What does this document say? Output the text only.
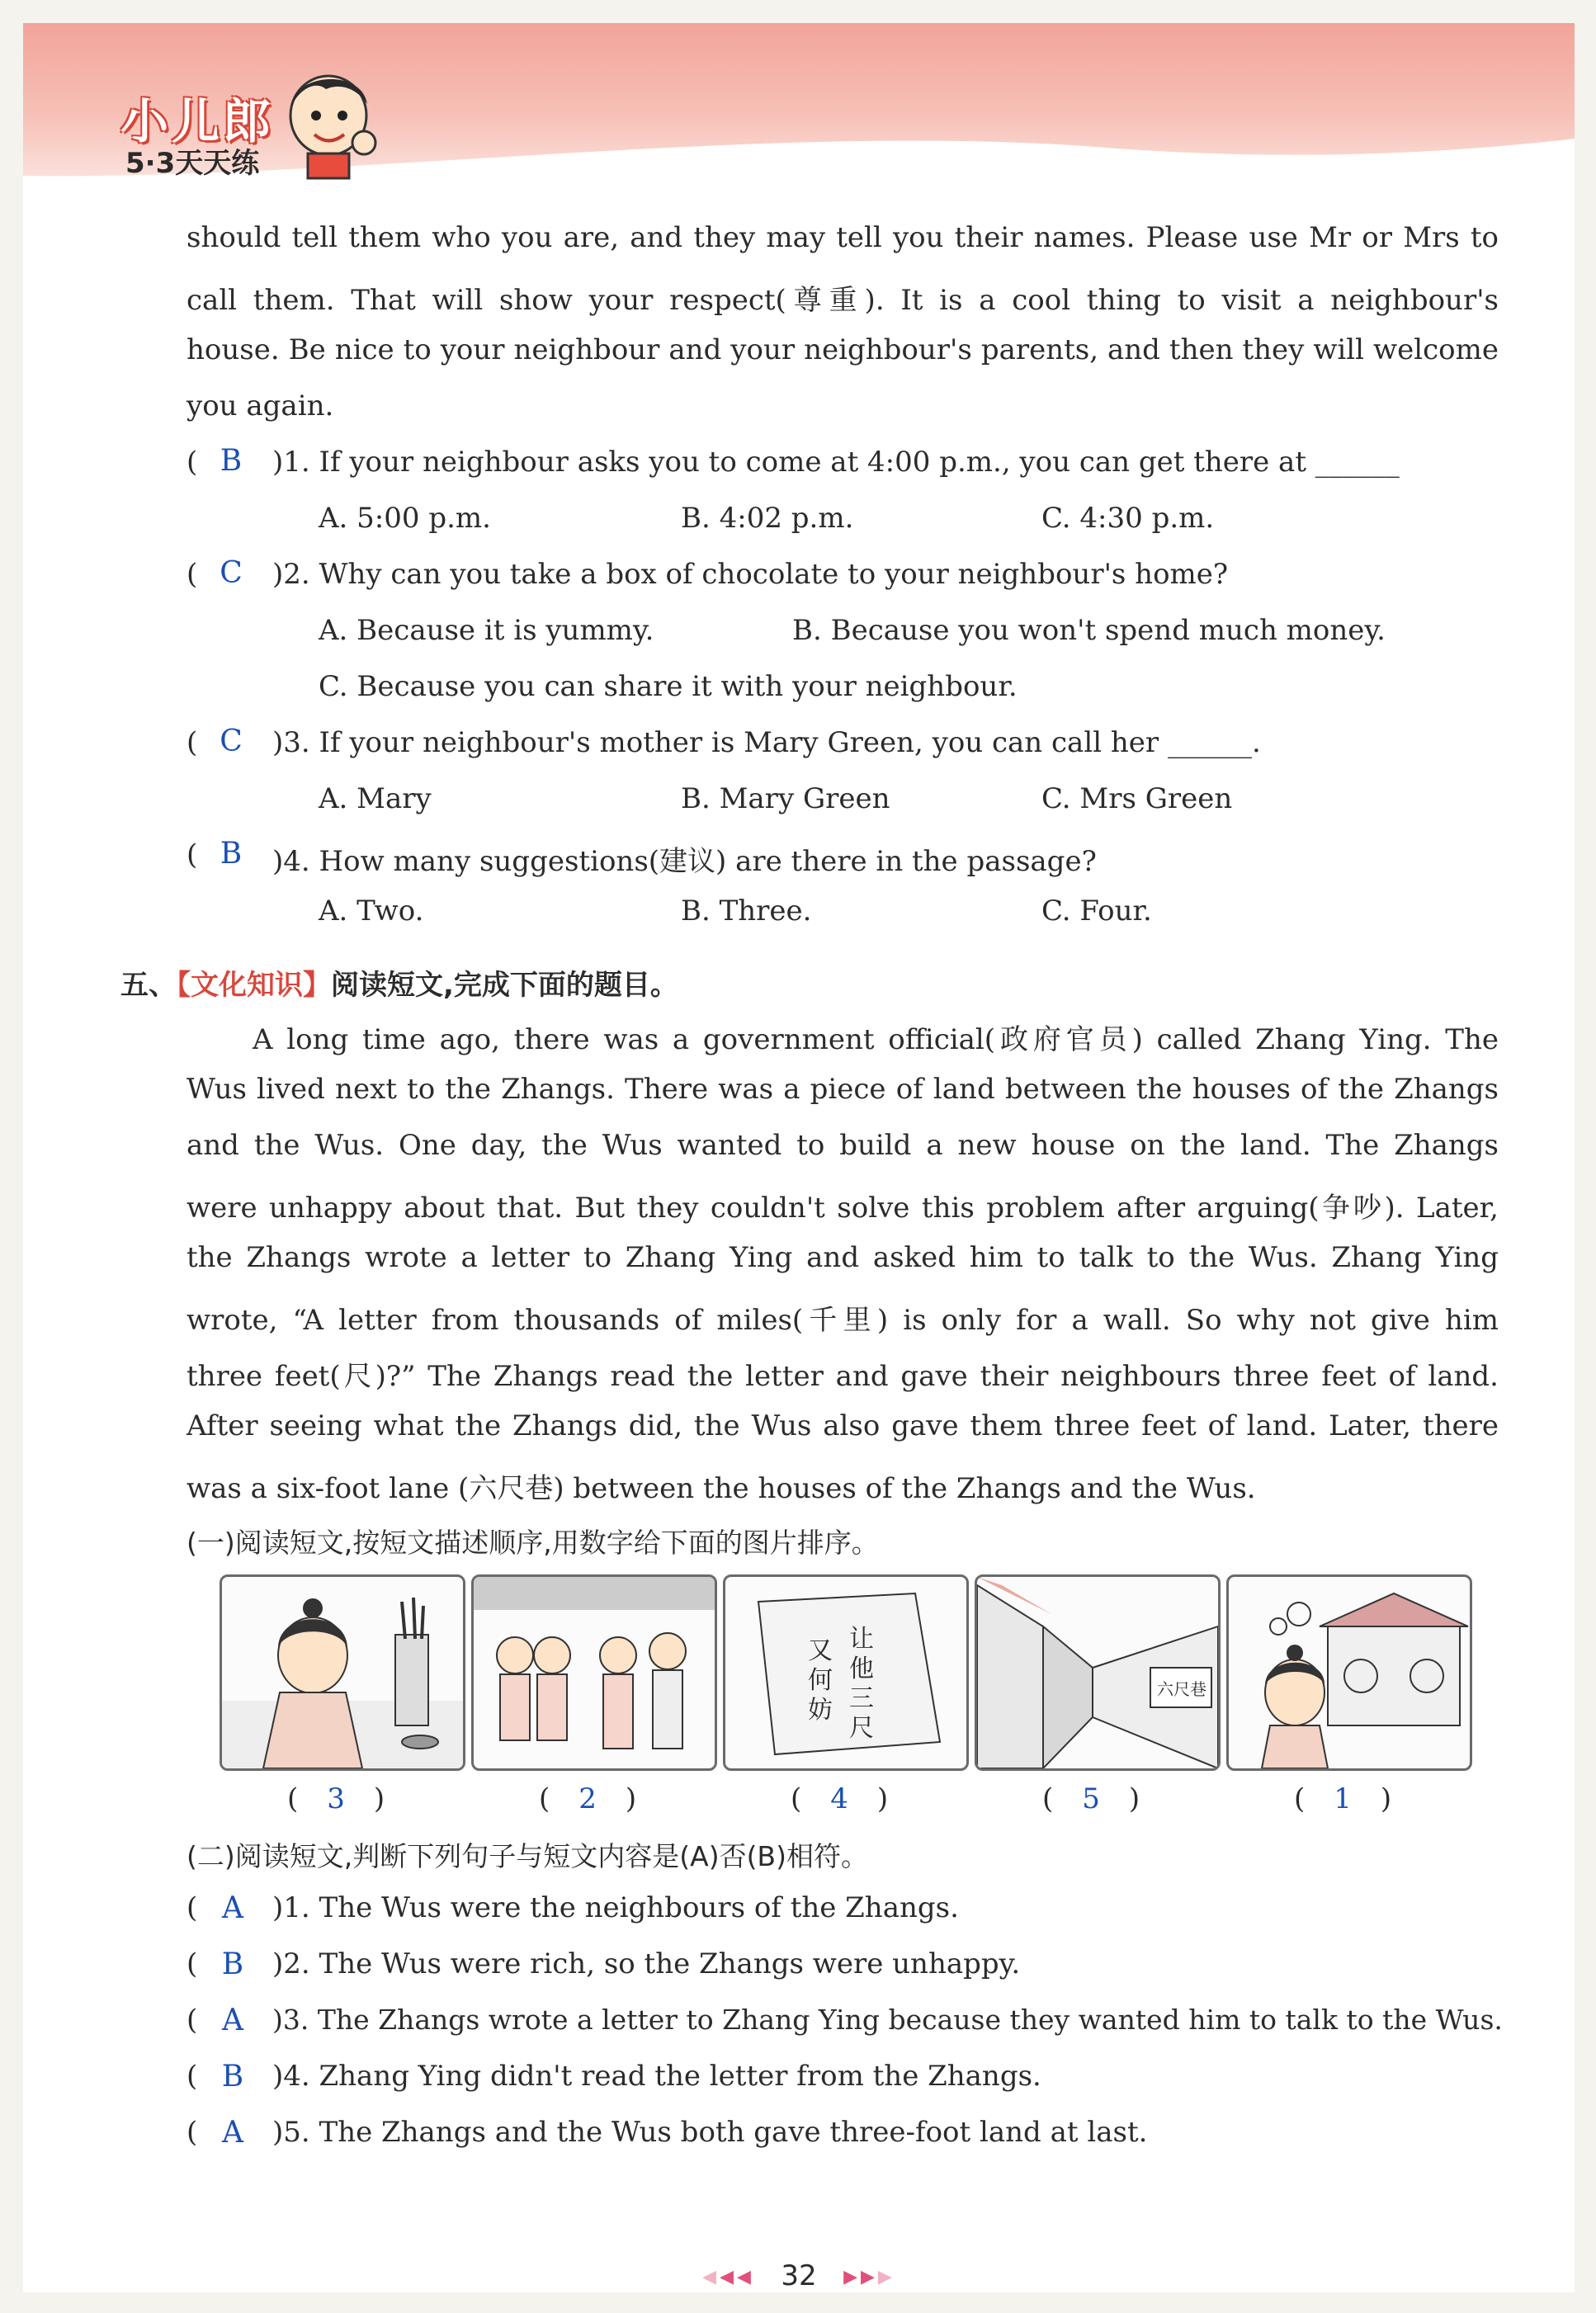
小儿郎
5·3天天练
should tell them who you are, and they may tell you their names. Please use Mr or Mrs to
call them. That will show your respect(尊重). It is a cool thing to visit a neighbour's
house. Be nice to your neighbour and your neighbour's parents, and then they will welcome
you again.
( B )1. If your neighbour asks you to come at 4:00 p.m., you can get there at ______
A. 5:00 p.m.	B. 4:02 p.m.	C. 4:30 p.m.
( C )2. Why can you take a box of chocolate to your neighbour's home?
A. Because it is yummy.	B. Because you won't spend much money.
C. Because you can share it with your neighbour.
( C )3. If your neighbour's mother is Mary Green, you can call her ______.
A. Mary	B. Mary Green	C. Mrs Green
( B )4. How many suggestions(建议) are there in the passage?
A. Two.	B. Three.	C. Four.
五、【文化知识】阅读短文,完成下面的题目。
A long time ago, there was a government official(政府官员) called Zhang Ying. The
Wus lived next to the Zhangs. There was a piece of land between the houses of the Zhangs
and the Wus. One day, the Wus wanted to build a new house on the land. The Zhangs
were unhappy about that. But they couldn't solve this problem after arguing(争吵). Later,
the Zhangs wrote a letter to Zhang Ying and asked him to talk to the Wus. Zhang Ying
wrote, “A letter from thousands of miles(千里) is only for a wall. So why not give him
three feet(尺)?” The Zhangs read the letter and gave their neighbours three feet of land.
After seeing what the Zhangs did, the Wus also gave them three feet of land. Later, there
was a six-foot lane (六尺巷) between the houses of the Zhangs and the Wus.
(一)阅读短文,按短文描述顺序,用数字给下面的图片排序。
让
他
三
尺
又
何
妨
六尺巷
( 3 )	( 2 )	( 4 )	( 5 )	( 1 )
(二)阅读短文,判断下列句子与短文内容是(A)否(B)相符。
( A )1. The Wus were the neighbours of the Zhangs.
( B )2. The Wus were rich, so the Zhangs were unhappy.
( A )3. The Zhangs wrote a letter to Zhang Ying because they wanted him to talk to the Wus.
( B )4. Zhang Ying didn't read the letter from the Zhangs.
( A )5. The Zhangs and the Wus both gave three-foot land at last.
◀◀◀ 32 ▶▶▶
